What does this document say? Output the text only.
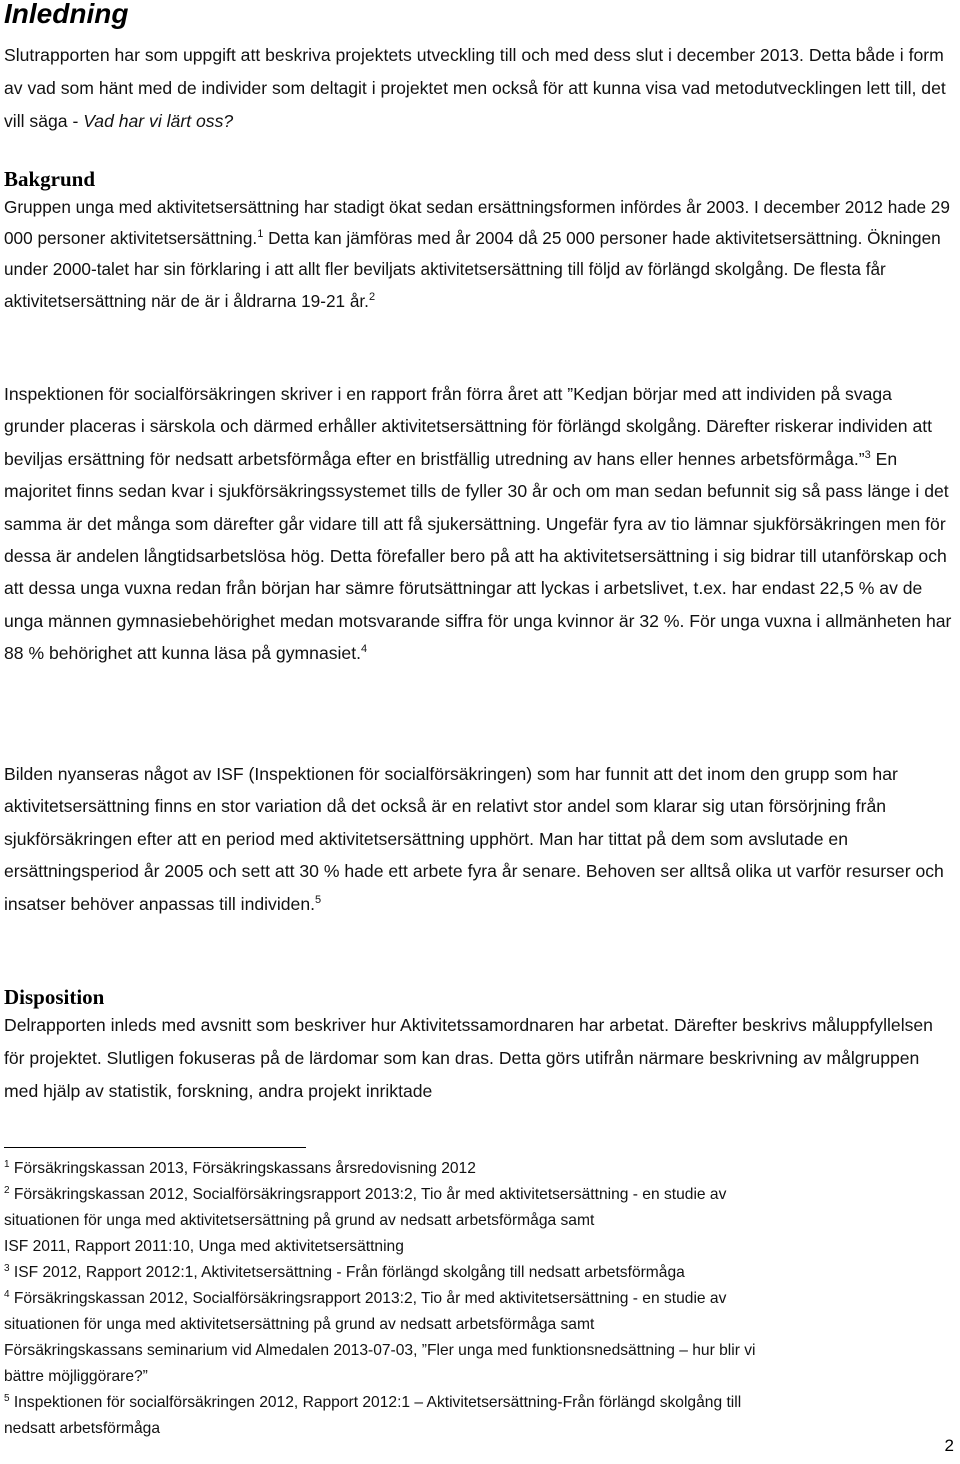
Inledning

Slutrapporten har som uppgift att beskriva projektets utveckling till och med dess slut i december 2013. Detta både i form av vad som hänt med de individer som deltagit i projektet men också för att kunna visa vad metodutvecklingen lett till, det vill säga - Vad har vi lärt oss?

Bakgrund

Gruppen unga med aktivitetsersättning har stadigt ökat sedan ersättningsformen infördes år 2003. I december 2012 hade 29 000 personer aktivitetsersättning.$^1$ Detta kan jämföras med år 2004 då 25 000 personer hade aktivitetsersättning. Ökningen under 2000-talet har sin förklaring i att allt fler beviljats aktivitetsersättning till följd av förlängd skolgång. De flesta får aktivitetsersättning när de är i åldrarna 19-21 år.$^2$

Inspektionen för socialförsäkringen skriver i en rapport från förra året att ”Kedjan börjar med att individen på svaga grunder placeras i särskola och därmed erhåller aktivitetsersättning för förlängd skolgång. Därefter riskerar individen att beviljas ersättning för nedsatt arbetsförmåga efter en bristfällig utredning av hans eller hennes arbetsförmåga.”$^3$ En majoritet finns sedan kvar i sjukförsäkringssystemet tills de fyller 30 år och om man sedan befunnit sig så pass länge i det samma är det många som därefter går vidare till att få sjukersättning. Ungefär fyra av tio lämnar sjukförsäkringen men för dessa är andelen långtidsarbetslösa hög. Detta förefaller bero på att ha aktivitetsersättning i sig bidrar till utanförskap och att dessa unga vuxna redan från början har sämre förutsättningar att lyckas i arbetslivet, t.ex. har endast 22,5 % av de unga männen gymnasiebehörighet medan motsvarande siffra för unga kvinnor är 32 %. För unga vuxna i allmänheten har 88 % behörighet att kunna läsa på gymnasiet.$^4$

Bilden nyanseras något av ISF (Inspektionen för socialförsäkringen) som har funnit att det inom den grupp som har aktivitetsersättning finns en stor variation då det också är en relativt stor andel som klarar sig utan försörjning från sjukförsäkringen efter att en period med aktivitetsersättning upphört. Man har tittat på dem som avslutade en ersättningsperiod år 2005 och sett att 30 % hade ett arbete fyra år senare. Behoven ser alltså olika ut varför resurser och insatser behöver anpassas till individen.$^5$

Disposition

Delrapporten inleds med avsnitt som beskriver hur Aktivitetssamordnaren har arbetat. Därefter beskrivs måluppfyllelsen för projektet. Slutligen fokuseras på de lärdomar som kan dras. Detta görs utifrån närmare beskrivning av målgruppen med hjälp av statistik, forskning, andra projekt inriktade

$^1$ Försäkringskassan 2013, Försäkringskassans årsredovisning 2012
$^2$ Försäkringskassan 2012, Socialförsäkringsrapport 2013:2, Tio år med aktivitetsersättning - en studie av
situationen för unga med aktivitetsersättning på grund av nedsatt arbetsförmåga samt
ISF 2011, Rapport 2011:10, Unga med aktivitetsersättning
$^3$ ISF 2012, Rapport 2012:1, Aktivitetsersättning - Från förlängd skolgång till nedsatt arbetsförmåga
$^4$ Försäkringskassan 2012, Socialförsäkringsrapport 2013:2, Tio år med aktivitetsersättning - en studie av
situationen för unga med aktivitetsersättning på grund av nedsatt arbetsförmåga samt
Försäkringskassans seminarium vid Almedalen 2013-07-03, ”Fler unga med funktionsnedsättning – hur blir vi
bättre möjliggörare?”
$^5$ Inspektionen för socialförsäkringen 2012, Rapport 2012:1 – Aktivitetsersättning-Från förlängd skolgång till
nedsatt arbetsförmåga
2
